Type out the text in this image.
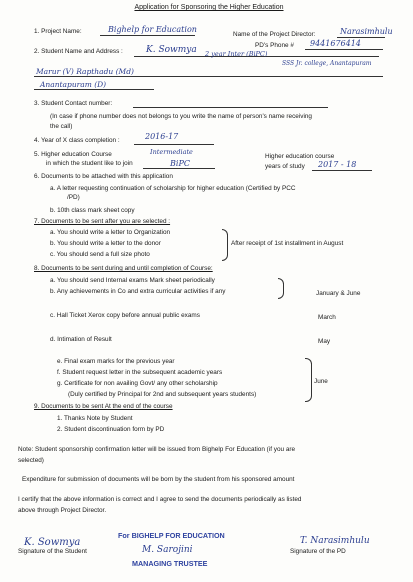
Application for Sponsoring the Higher Education
1. Project Name:	Bighelp for Education
Name of the Project Director:	Narasimhulu
PD's Phone # 9441676414
2. Student Name and Address :	K. Sowmya 2 year Inter (BiPC)
SSS Jr. college, Anantapuram
Marur (V) Rapthadu (Md)
Anantapuram (D)
3. Student Contact number:
(In case if phone number does not belongs to you write the name of person's name receiving
the call)
4. Year of X class completion :	2016-17
5. Higher education Course	Intermediate
in which the student like to join	BiPC
Higher education course
years of study 2017 - 18
6. Documents to be attached with this application
a. A letter requesting continuation of scholarship for higher education (Certified by PCC
/PD)
b. 10th class mark sheet copy
7. Documents to be sent after you are selected :
a. You should write a letter to Organization
b. You should write a letter to the donor
c. You should send a full size photo
After receipt of 1st installment in August
8. Documents to be sent during and until completion of Course:
a. You should send Internal exams Mark sheet periodically
b. Any achievements in Co and extra curricular activities if any	January & June
c. Hall Ticket Xerox copy before annual public exams	March
d. Intimation of Result	May
e. Final exam marks for the previous year
f. Student request letter in the subsequent academic years
g. Certificate for non availing Govt/ any other scholarship
(Duly certified by Principal for 2nd and subsequent years students)
June
9. Documents to be sent At the end of the course
1. Thanks Note by Student
2. Student discontinuation form by PD
Note: Student sponsorship confirmation letter will be issued from Bighelp For Education (if you are
selected)
Expenditure for submission of documents will be born by the student from his sponsored amount
I certify that the above information is correct and I agree to send the documents periodically as listed
above through Project Director.
K. Sowmya
Signature of the Student
For BIGHELP FOR EDUCATION
M. Sarojini
MANAGING TRUSTEE
T. Narasimhulu
Signature of the PD
